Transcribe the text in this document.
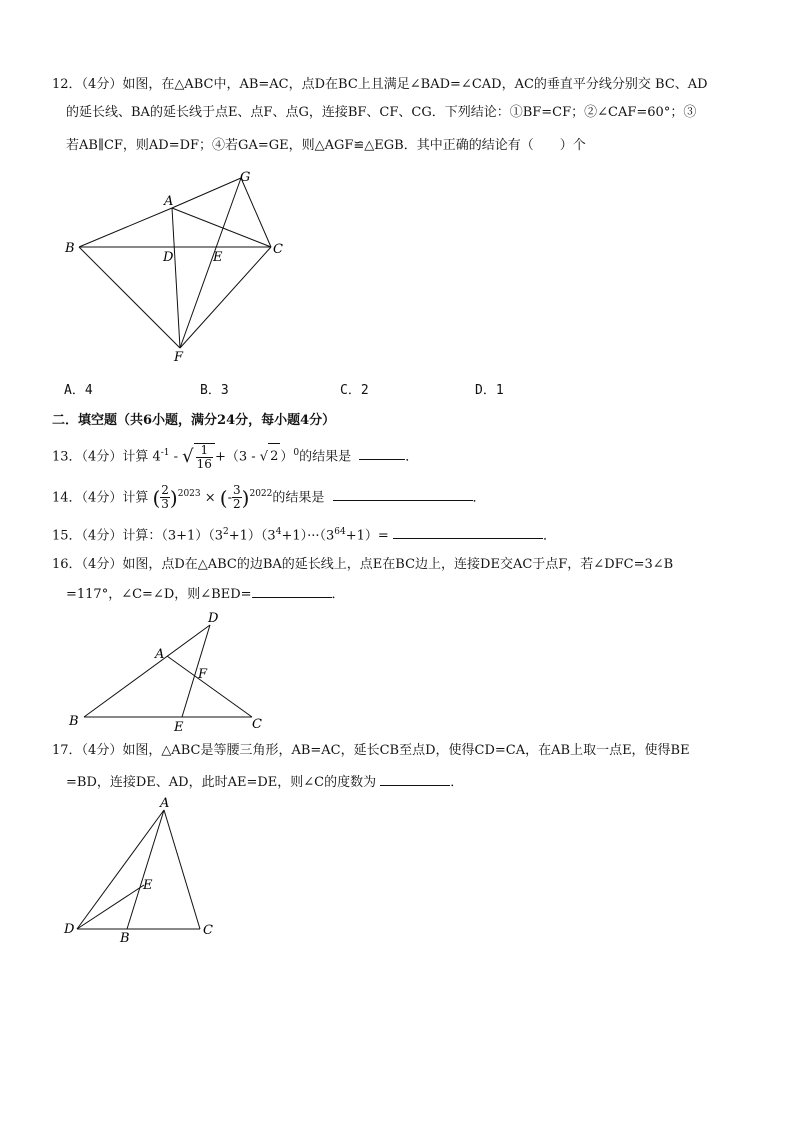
12．（4分）如图，在△ABC中，AB=AC，点D在BC上且满足∠BAD=∠CAD，AC的垂直平分线分别交 BC、AD
的延长线、BA的延长线于点E、点F、点G，连接BF、CF、CG．下列结论：①BF=CF；②∠CAF=60°；③
若AB∥CF，则AD=DF；④若GA=GE，则△AGF≌△EGB．其中正确的结论有（　　）个
A
B	C
D	E
F
G
A．4	B．3	C．2	D．1
二．填空题（共6小题，满分24分，每小题4分）
13．（4分）计算 $4^{-1}$ - √ $\frac{1}{16} +(3$ - √ 2 ）$^0$的结果是	．
14．（4分）计算 ( $\frac{2}{3} )^{2023}$ × (- $\frac{3}{2} )^{2022}$的结果是	．
15．（4分）计算：$(3+1)(3^2+1)(3^4+1)\cdot\cdot\cdot(3^{64}+1)=$	．
16．（4分）如图，点D在△ABC的边BA的延长线上，点E在BC边上，连接DE交AC于点F，若∠DFC=3∠B
=117°，∠C=∠D，则∠BED=	．
A
B	C
D
E
F
17．（4分）如图，△ABC是等腰三角形，AB=AC，延长CB至点D，使得CD=CA，在AB上取一点E，使得BE
=BD，连接DE、AD，此时AE=DE，则∠C的度数为	．
A
B
C
D
E
